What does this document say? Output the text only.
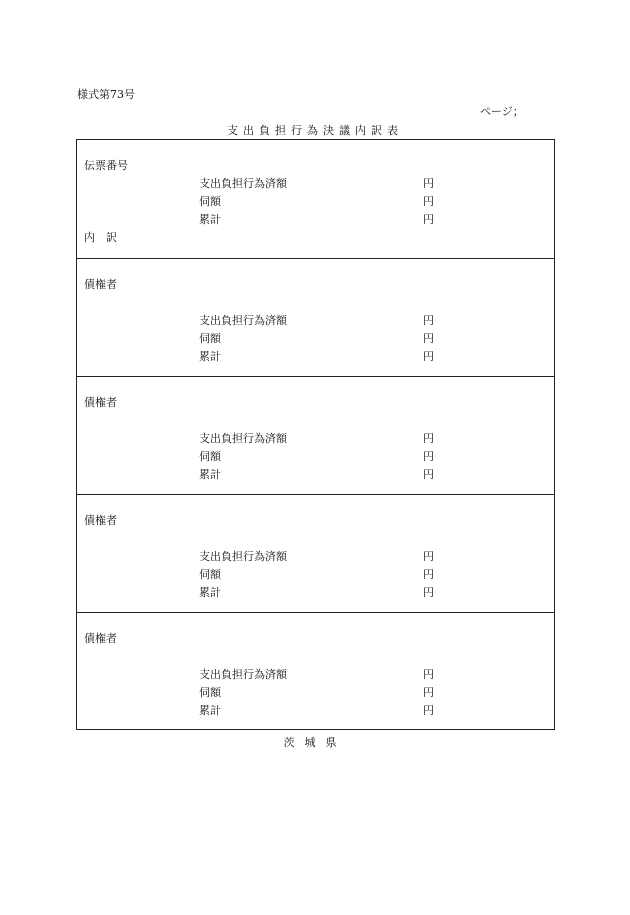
様式第73号
ページ；
支出負担行為決議内訳表
伝票番号
支出負担行為済額	円
伺額	円
累計	円
内　訳
債権者
支出負担行為済額	円
伺額	円
累計	円
債権者
支出負担行為済額	円
伺額	円
累計	円
債権者
支出負担行為済額	円
伺額	円
累計	円
債権者
支出負担行為済額	円
伺額	円
累計	円
茨城県
